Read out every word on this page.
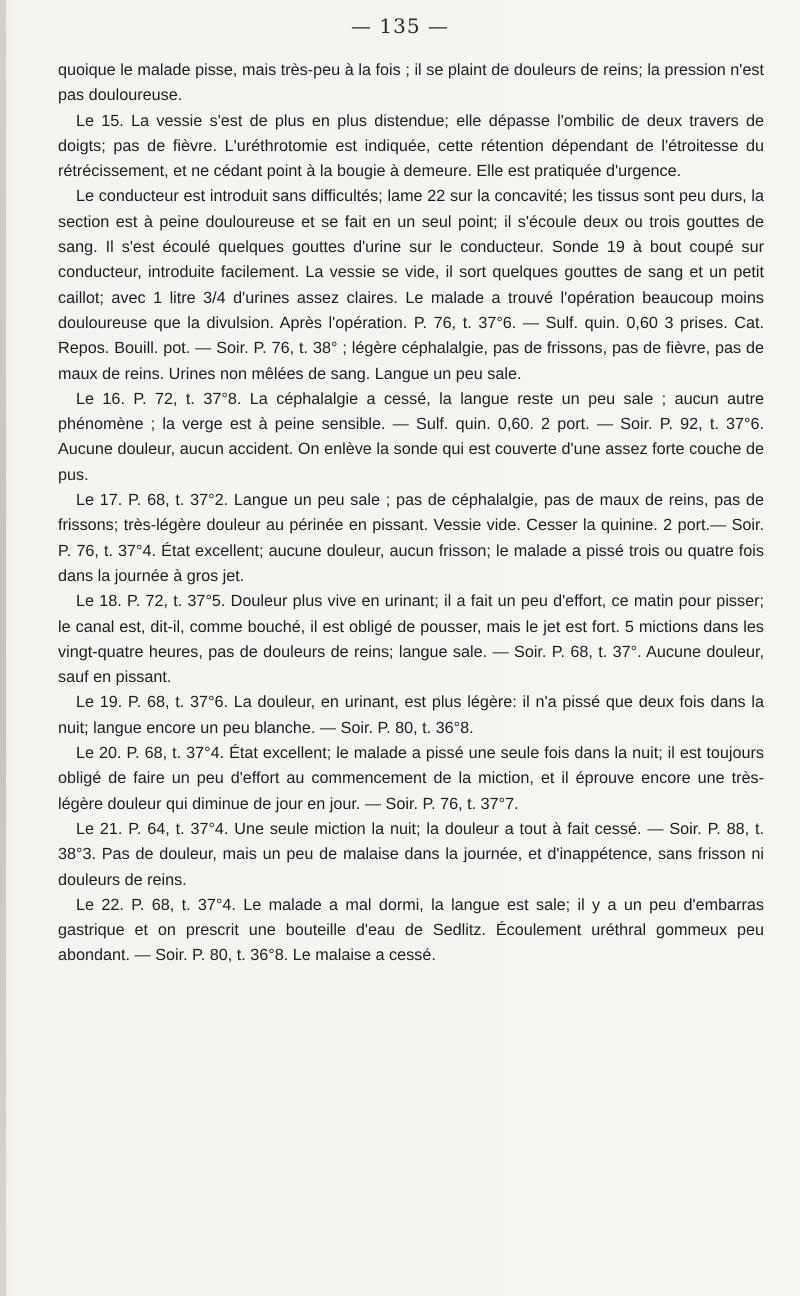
— 135 —

quoique le malade pisse, mais très-peu à la fois ; il se plaint de douleurs de reins; la pression n'est pas douloureuse.

Le 15. La vessie s'est de plus en plus distendue; elle dépasse l'ombilic de deux travers de doigts; pas de fièvre. L'uréthrotomie est indiquée, cette rétention dépendant de l'étroitesse du rétrécissement, et ne cédant point à la bougie à demeure. Elle est pratiquée d'urgence.

Le conducteur est introduit sans difficultés; lame 22 sur la concavité; les tissus sont peu durs, la section est à peine douloureuse et se fait en un seul point; il s'écoule deux ou trois gouttes de sang. Il s'est écoulé quelques gouttes d'urine sur le conducteur. Sonde 19 à bout coupé sur conducteur, introduite facilement. La vessie se vide, il sort quelques gouttes de sang et un petit caillot; avec 1 litre 3/4 d'urines assez claires. Le malade a trouvé l'opération beaucoup moins douloureuse que la divulsion. Après l'opération. P. 76, t. 37°6. — Sulf. quin. 0,60 3 prises. Cat. Repos. Bouill. pot. — Soir. P. 76, t. 38° ; légère céphalalgie, pas de frissons, pas de fièvre, pas de maux de reins. Urines non mêlées de sang. Langue un peu sale.

Le 16. P. 72, t. 37°8. La céphalalgie a cessé, la langue reste un peu sale ; aucun autre phénomène ; la verge est à peine sensible. — Sulf. quin. 0,60. 2 port. — Soir. P. 92, t. 37°6. Aucune douleur, aucun accident. On enlève la sonde qui est couverte d'une assez forte couche de pus.

Le 17. P. 68, t. 37°2. Langue un peu sale ; pas de céphalalgie, pas de maux de reins, pas de frissons; très-légère douleur au périnée en pissant. Vessie vide. Cesser la quinine. 2 port.— Soir. P. 76, t. 37°4. État excellent; aucune douleur, aucun frisson; le malade a pissé trois ou quatre fois dans la journée à gros jet.

Le 18. P. 72, t. 37°5. Douleur plus vive en urinant; il a fait un peu d'effort, ce matin pour pisser; le canal est, dit-il, comme bouché, il est obligé de pousser, mais le jet est fort. 5 mictions dans les vingt-quatre heures, pas de douleurs de reins; langue sale. — Soir. P. 68, t. 37°. Aucune douleur, sauf en pissant.

Le 19. P. 68, t. 37°6. La douleur, en urinant, est plus légère: il n'a pissé que deux fois dans la nuit; langue encore un peu blanche. — Soir. P. 80, t. 36°8.

Le 20. P. 68, t. 37°4. État excellent; le malade a pissé une seule fois dans la nuit; il est toujours obligé de faire un peu d'effort au commencement de la miction, et il éprouve encore une très-légère douleur qui diminue de jour en jour. — Soir. P. 76, t. 37°7.

Le 21. P. 64, t. 37°4. Une seule miction la nuit; la douleur a tout à fait cessé. — Soir. P. 88, t. 38°3. Pas de douleur, mais un peu de malaise dans la journée, et d'inappétence, sans frisson ni douleurs de reins.

Le 22. P. 68, t. 37°4. Le malade a mal dormi, la langue est sale; il y a un peu d'embarras gastrique et on prescrit une bouteille d'eau de Sedlitz. Écoulement uréthral gommeux peu abondant. — Soir. P. 80, t. 36°8. Le malaise a cessé.
